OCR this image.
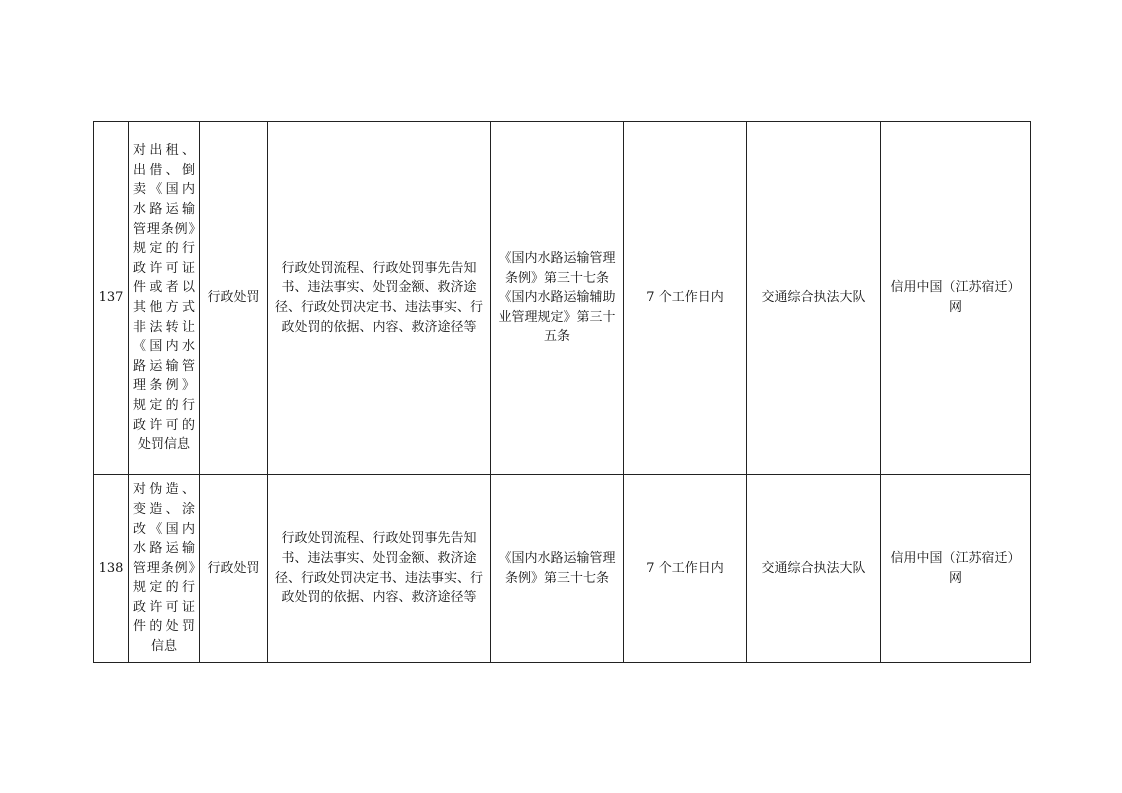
137	对出租、出借、倒卖《国内水路运输管理条例》规定的行政许可证件或者以其他方式非法转让《国内水路运输管理条例》规定的行政许可的处罚信息	行政处罚	行政处罚流程、行政处罚事先告知书、违法事实、处罚金额、救济途径、行政处罚决定书、违法事实、行政处罚的依据、内容、救济途径等	《国内水路运输管理条例》第三十七条《国内水路运输辅助业管理规定》第三十五条	7 个工作日内	交通综合执法大队	信用中国（江苏宿迁）网
138	对伪造、变造、涂改《国内水路运输管理条例》规定的行政许可证件的处罚信息	行政处罚	行政处罚流程、行政处罚事先告知书、违法事实、处罚金额、救济途径、行政处罚决定书、违法事实、行政处罚的依据、内容、救济途径等	《国内水路运输管理条例》第三十七条	7 个工作日内	交通综合执法大队	信用中国（江苏宿迁）网
